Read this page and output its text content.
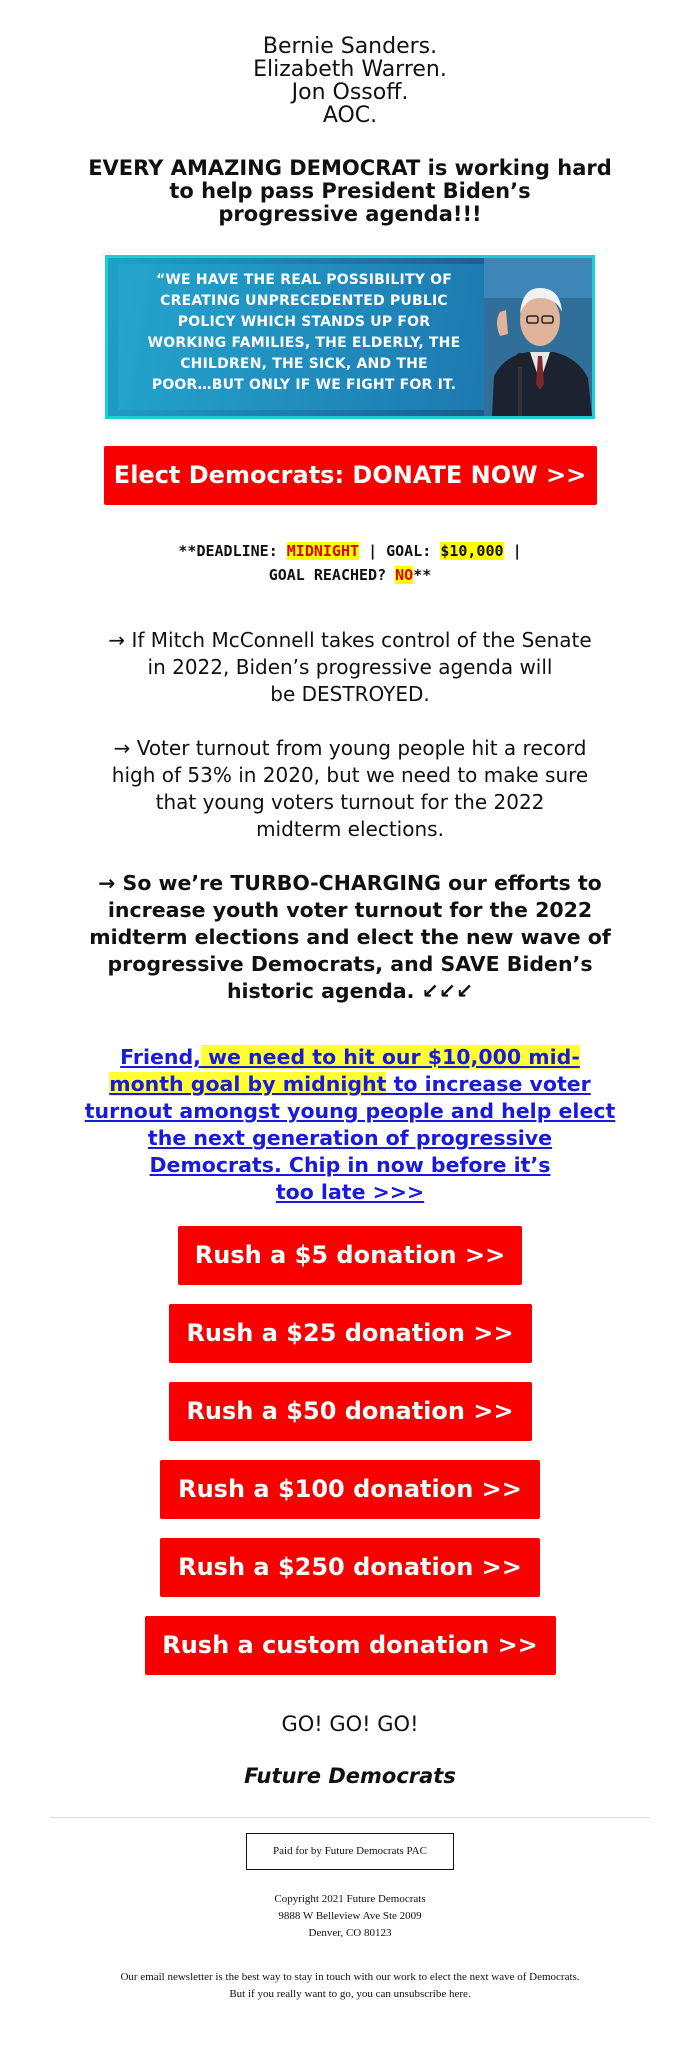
Bernie Sanders.
Elizabeth Warren.
Jon Ossoff.
AOC.
EVERY AMAZING DEMOCRAT is working hard
to help pass President Biden’s
progressive agenda!!!
“WE HAVE THE REAL POSSIBILITY OF
CREATING UNPRECEDENTED PUBLIC
POLICY WHICH STANDS UP FOR
WORKING FAMILIES, THE ELDERLY, THE
CHILDREN, THE SICK, AND THE
POOR…BUT ONLY IF WE FIGHT FOR IT.
Elect Democrats: DONATE NOW >>
**DEADLINE: MIDNIGHT | GOAL: $10,000 |
GOAL REACHED? NO**
→ If Mitch McConnell takes control of the Senate
in 2022, Biden’s progressive agenda will
be DESTROYED.
→ Voter turnout from young people hit a record
high of 53% in 2020, but we need to make sure
that young voters turnout for the 2022
midterm elections.
→ So we’re TURBO-CHARGING our efforts to
increase youth voter turnout for the 2022
midterm elections and elect the new wave of
progressive Democrats, and SAVE Biden’s
historic agenda. ↙↙↙
Friend, we need to hit our $10,000 mid-
month goal by midnight to increase voter
turnout amongst young people and help elect
the next generation of progressive
Democrats. Chip in now before it’s
too late >>>
Rush a $5 donation >>
Rush a $25 donation >>
Rush a $50 donation >>
Rush a $100 donation >>
Rush a $250 donation >>
Rush a custom donation >>
GO! GO! GO!
Future Democrats
Paid for by Future Democrats PAC
Copyright 2021 Future Democrats
9888 W Belleview Ave Ste 2009
Denver, CO 80123
Our email newsletter is the best way to stay in touch with our work to elect the next wave of Democrats.
But if you really want to go, you can unsubscribe here.
